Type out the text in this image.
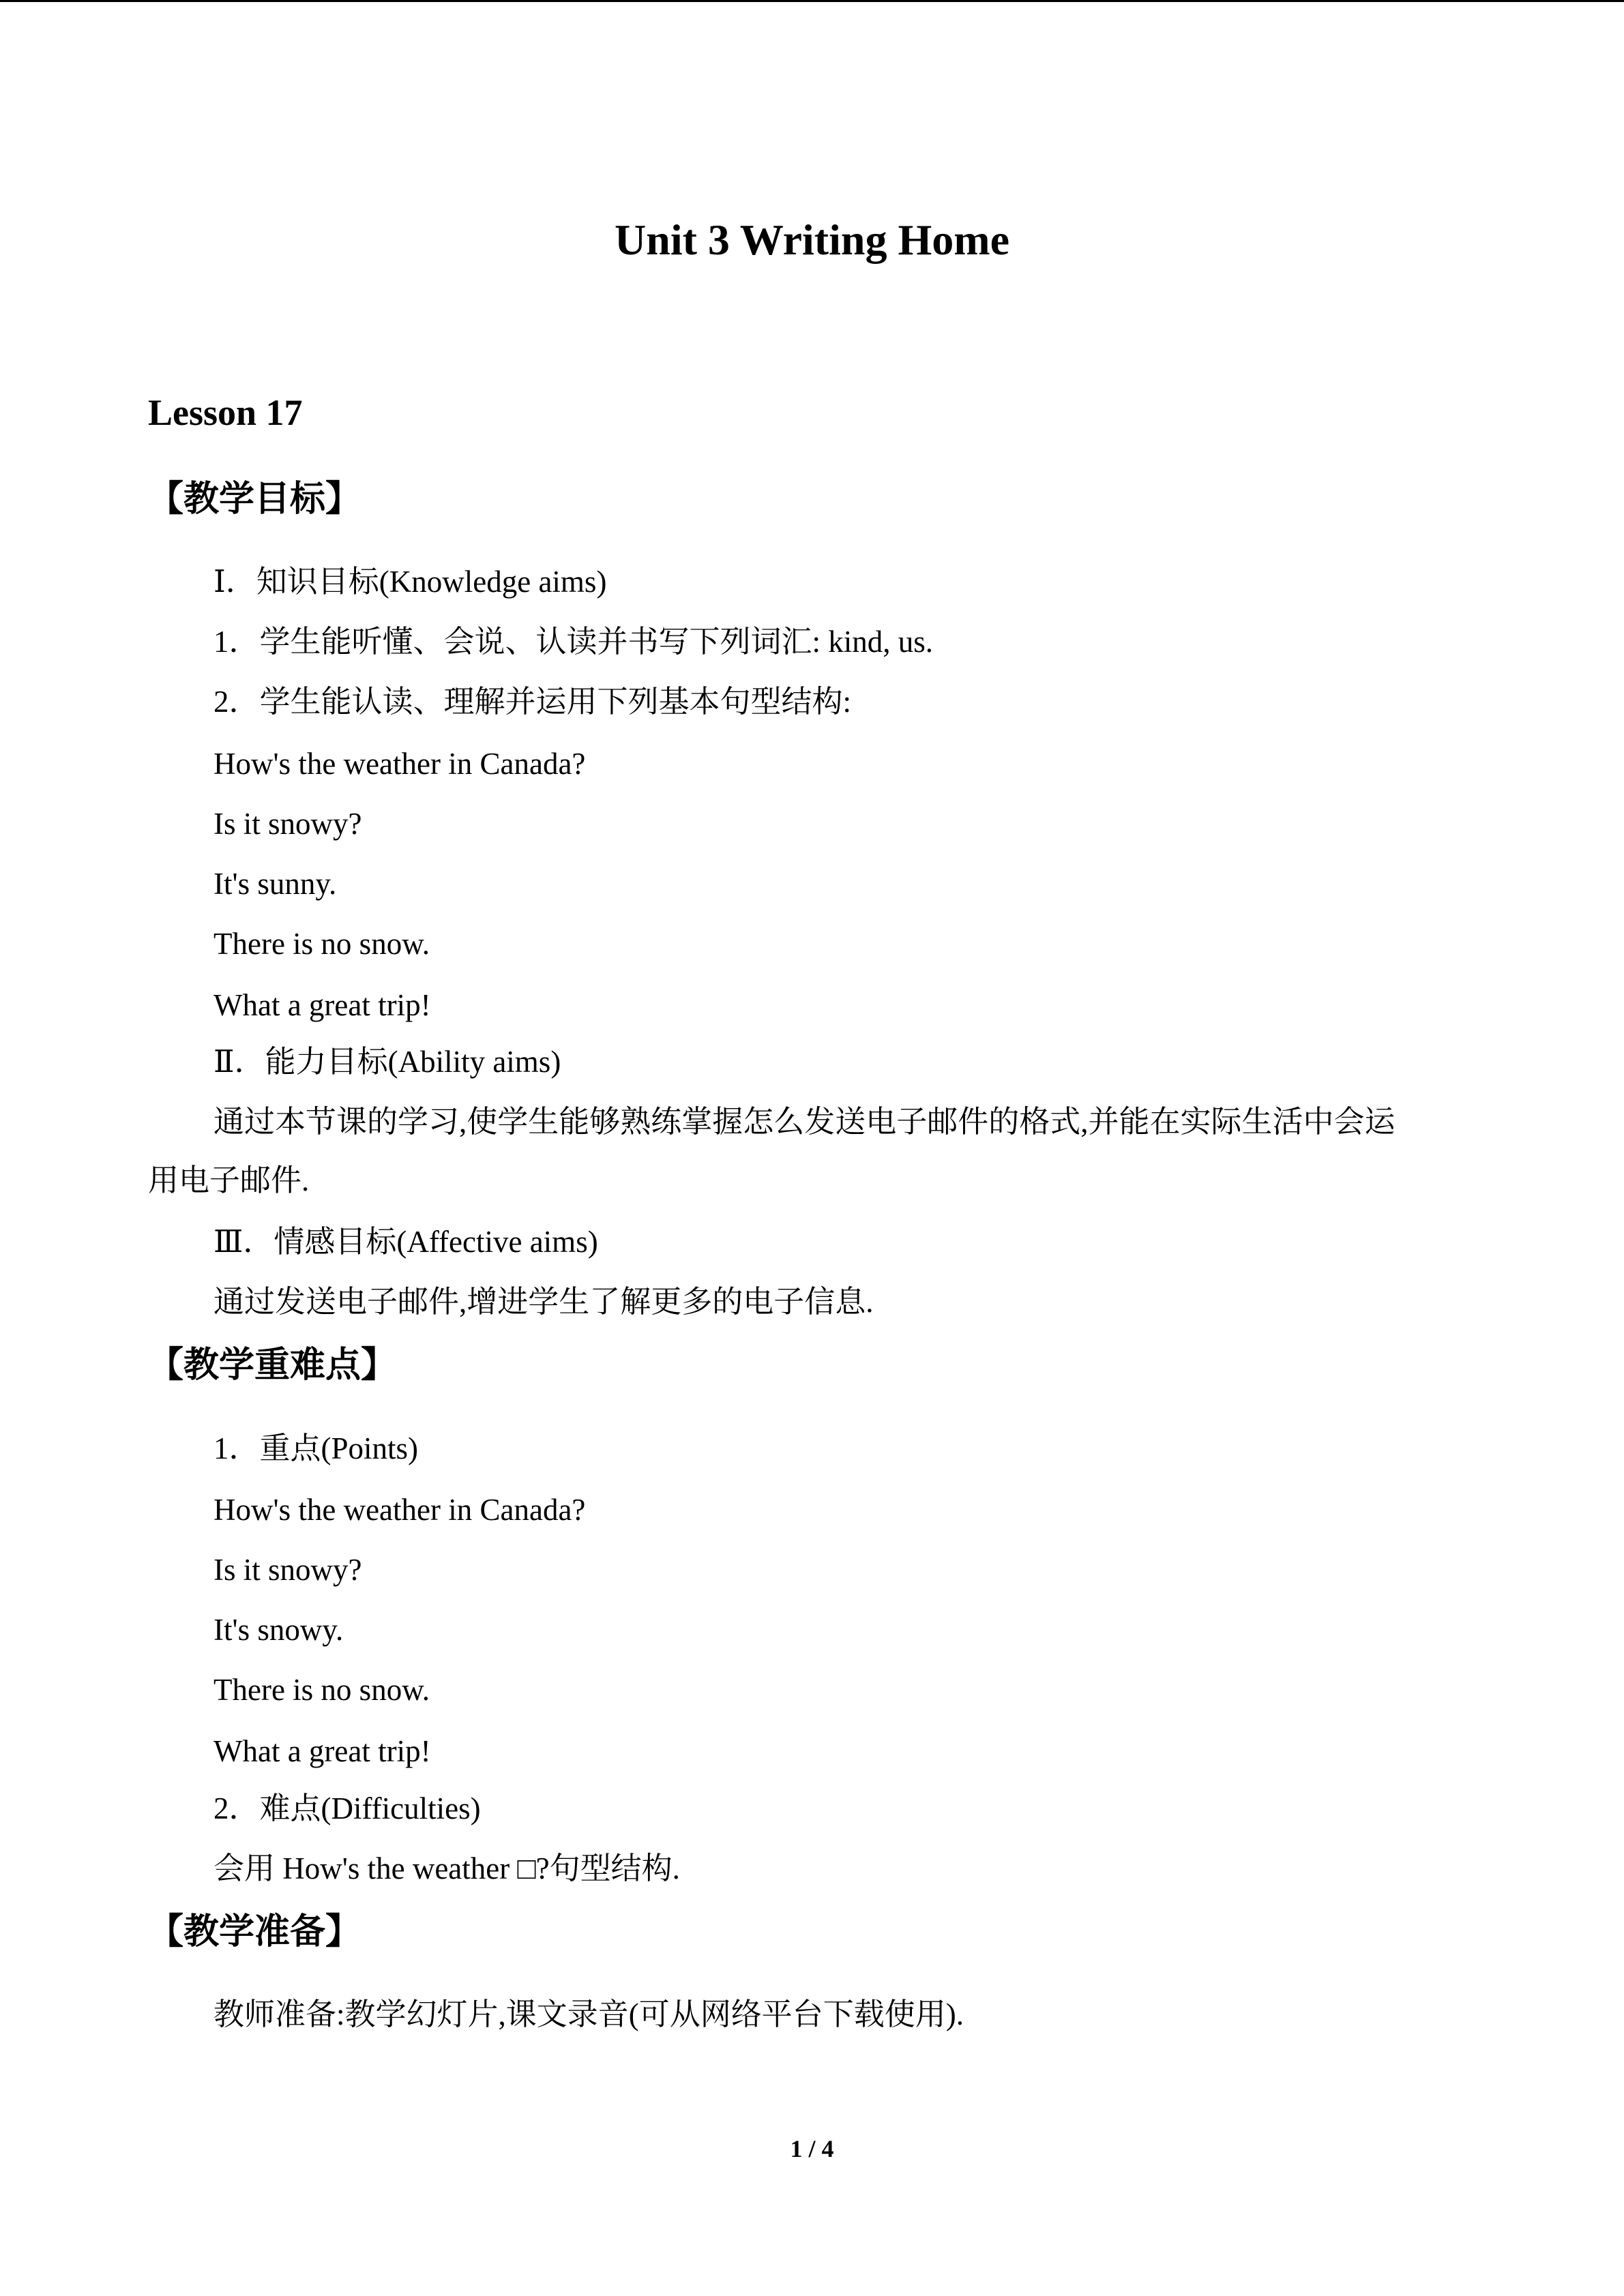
Unit 3 Writing Home
Lesson 17
【教学目标】
Ⅰ．知识目标(Knowledge aims)
1．学生能听懂、会说、认读并书写下列词汇: kind, us.
2．学生能认读、理解并运用下列基本句型结构:
How's the weather in Canada?
Is it snowy?
It's sunny.
There is no snow.
What a great trip!
Ⅱ．能力目标(Ability aims)
通过本节课的学习,使学生能够熟练掌握怎么发送电子邮件的格式,并能在实际生活中会运
用电子邮件.
Ⅲ．情感目标(Affective aims)
通过发送电子邮件,增进学生了解更多的电子信息.
【教学重难点】
1．重点(Points)
How's the weather in Canada?
Is it snowy?
It's snowy.
There is no snow.
What a great trip!
2．难点(Difficulties)
会用 How's the weather □?句型结构.
【教学准备】
教师准备:教学幻灯片,课文录音(可从网络平台下载使用).
1 / 4
